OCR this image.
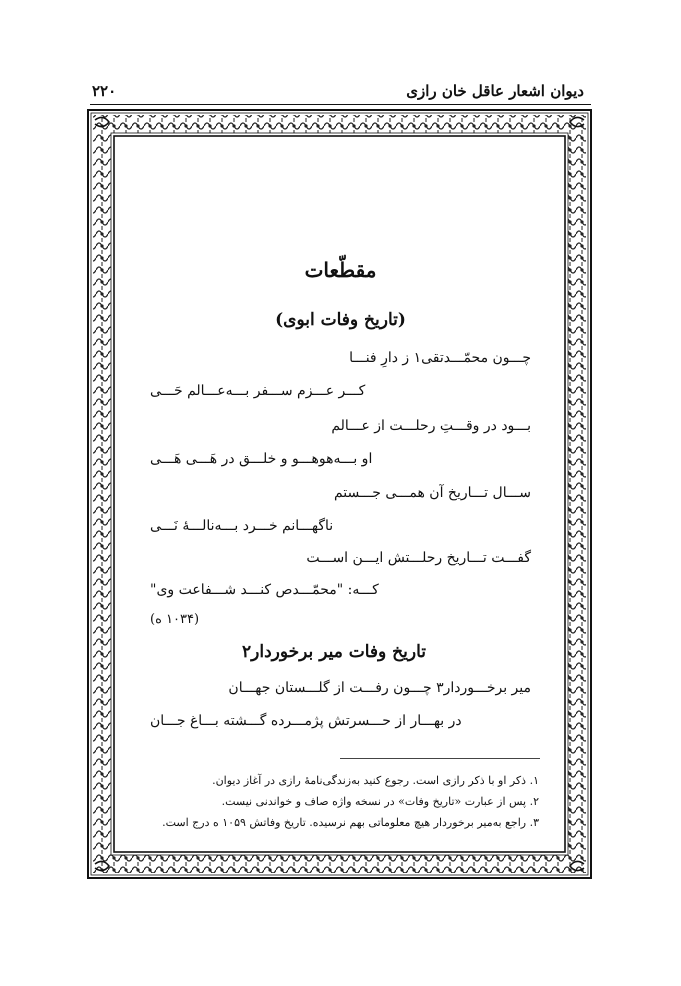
دیوان اشعار عاقل خان رازی
۲۲۰
مقطّعات
(تاریخ وفات ابوی)
چـــون محمّـــدتقی۱ ز دارِ فنـــا
کـــر عـــزم ســـفر بـــه‌عـــالم حَـــی
بـــود در وقـــتِ رحلـــت از عـــالم
او بـــه‌هوهـــو و خلـــق در هَـــی هَـــی
ســـال تـــاریخ آن همـــی جـــستم
ناگهـــانم خـــرد بـــه‌نالـــهٔ نَـــی
گفـــت تـــاریخ رحلـــتش ایـــن اســـت
کـــه: "محمّـــدص کنـــد شـــفاعت وی"
(۱۰۳۴ ه)
تاریخ وفات میر برخوردار۲
میر برخـــوردار۳ چـــون رفـــت از گلـــستان جهـــان
در بهـــار از حـــسرتش پژمـــرده گـــشته بـــاغ جـــان
۱. ذکر او با ذکر رازی است. رجوع کنید به‌زندگی‌نامهٔ رازی در آغاز دیوان.
۲. پس از عبارت «تاریخ وفات» در نسخه واژه صاف و خواندنی نیست.
۳. راجع به‌میر برخوردار هیچ معلوماتی بهم نرسیده. تاریخ وفاتش ۱۰۵۹ ه درج است.
